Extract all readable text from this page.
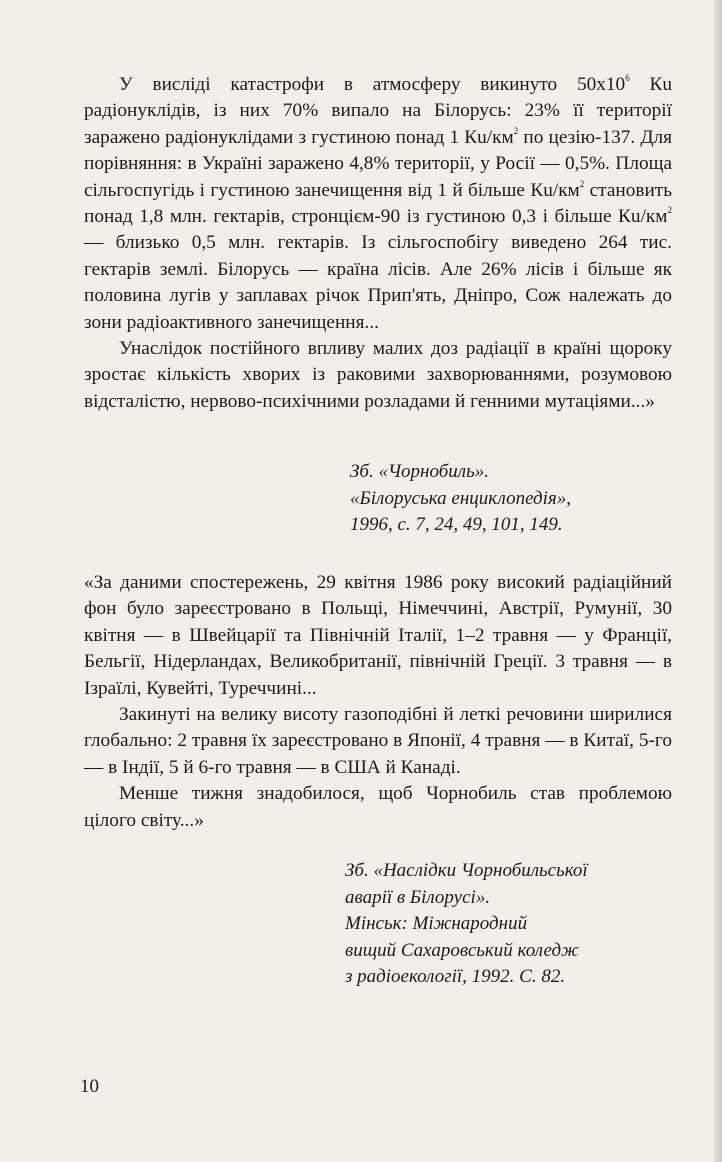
У висліді катастрофи в атмосферу викинуто $50х10^6$ Кu радіонуклідів, із них 70% випало на Білорусь: 23% її території заражено радіонуклідами з густиною понад 1 $Кu/км^2$ по цезію-137. Для порівняння: в Україні заражено 4,8% території, у Росії — 0,5%. Площа сільгоспугідь і густиною занечищення від 1 й більше $Кu/км^2$ становить понад 1,8 млн. гектарів, стронцієм-90 із густиною 0,3 і більше $Кu/км^2$ — близько 0,5 млн. гектарів. Із сільгоспобігу виведено 264 тис. гектарів землі. Білорусь — країна лісів. Але 26% лісів і більше як половина лугів у заплавах річок Прип'ять, Дніпро, Сож належать до зони радіоактивного занечищення...

Унаслідок постійного впливу малих доз радіації в країні щороку зростає кількість хворих із раковими захворюваннями, розумовою відсталістю, нервово-психічними розладами й генними мутаціями...»

Зб. «Чорнобиль».
«Білоруська енциклопедія»,
1996, с. 7, 24, 49, 101, 149.

«За даними спостережень, 29 квітня 1986 року високий радіаційний фон було зареєстровано в Польщі, Німеччині, Австрії, Румунії, 30 квітня — в Швейцарії та Північній Італії, 1–2 травня — у Франції, Бельгії, Нідерландах, Великобританії, північній Греції. 3 травня — в Ізраїлі, Кувейті, Туреччині...

Закинуті на велику висоту газоподібні й леткі речовини ширилися глобально: 2 травня їх зареєстровано в Японії, 4 травня — в Китаї, 5-го — в Індії, 5 й 6-го травня — в США й Канаді.

Менше тижня знадобилося, щоб Чорнобиль став проблемою цілого світу...»

Зб. «Наслідки Чорнобильської
аварії в Білорусі».
Мінськ: Міжнародний
вищий Сахаровський коледж
з радіоекології, 1992. С. 82.
10
